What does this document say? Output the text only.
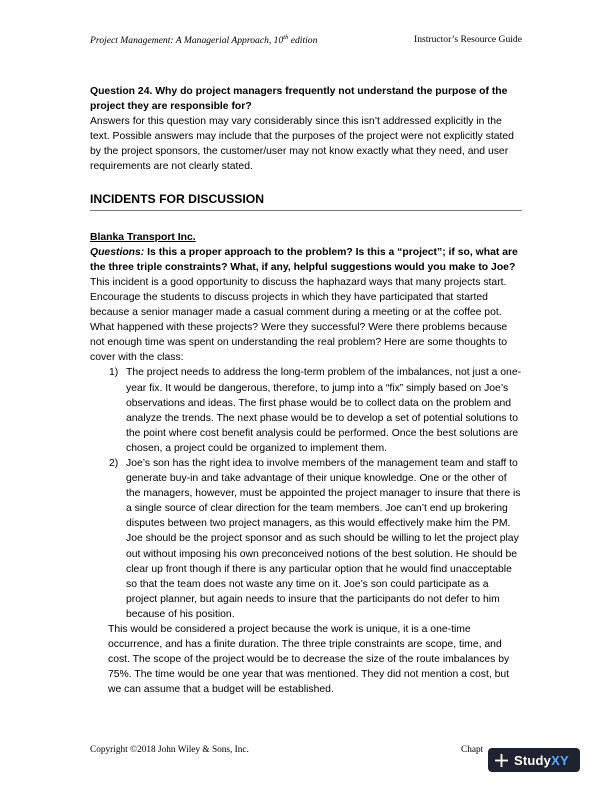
Project Management: A Managerial Approach, 10th edition	Instructor’s Resource Guide

Question 24. Why do project managers frequently not understand the purpose of the project they are responsible for?

Answers for this question may vary considerably since this isn’t addressed explicitly in the text. Possible answers may include that the purposes of the project were not explicitly stated by the project sponsors, the customer/user may not know exactly what they need, and user requirements are not clearly stated.

INCIDENTS FOR DISCUSSION

Blanka Transport Inc.

Questions: Is this a proper approach to the problem? Is this a “project”; if so, what are the three triple constraints? What, if any, helpful suggestions would you make to Joe?

This incident is a good opportunity to discuss the haphazard ways that many projects start. Encourage the students to discuss projects in which they have participated that started because a senior manager made a casual comment during a meeting or at the coffee pot. What happened with these projects? Were they successful? Were there problems because not enough time was spent on understanding the real problem? Here are some thoughts to cover with the class:

1) The project needs to address the long-term problem of the imbalances, not just a one-year fix. It would be dangerous, therefore, to jump into a “fix” simply based on Joe’s observations and ideas. The first phase would be to collect data on the problem and analyze the trends. The next phase would be to develop a set of potential solutions to the point where cost benefit analysis could be performed. Once the best solutions are chosen, a project could be organized to implement them.
2) Joe’s son has the right idea to involve members of the management team and staff to generate buy-in and take advantage of their unique knowledge. One or the other of the managers, however, must be appointed the project manager to insure that there is a single source of clear direction for the team members. Joe can’t end up brokering disputes between two project managers, as this would effectively make him the PM. Joe should be the project sponsor and as such should be willing to let the project play out without imposing his own preconceived notions of the best solution. He should be clear up front though if there is any particular option that he would find unacceptable so that the team does not waste any time on it. Joe’s son could participate as a project planner, but again needs to insure that the participants do not defer to him because of his position.

This would be considered a project because the work is unique, it is a one-time occurrence, and has a finite duration. The three triple constraints are scope, time, and cost. The scope of the project would be to decrease the size of the route imbalances by 75%. The time would be one year that was mentioned. They did not mention a cost, but we can assume that a budget will be established.

Copyright ©2018 John Wiley & Sons, Inc.	Chapt
StudyXY
